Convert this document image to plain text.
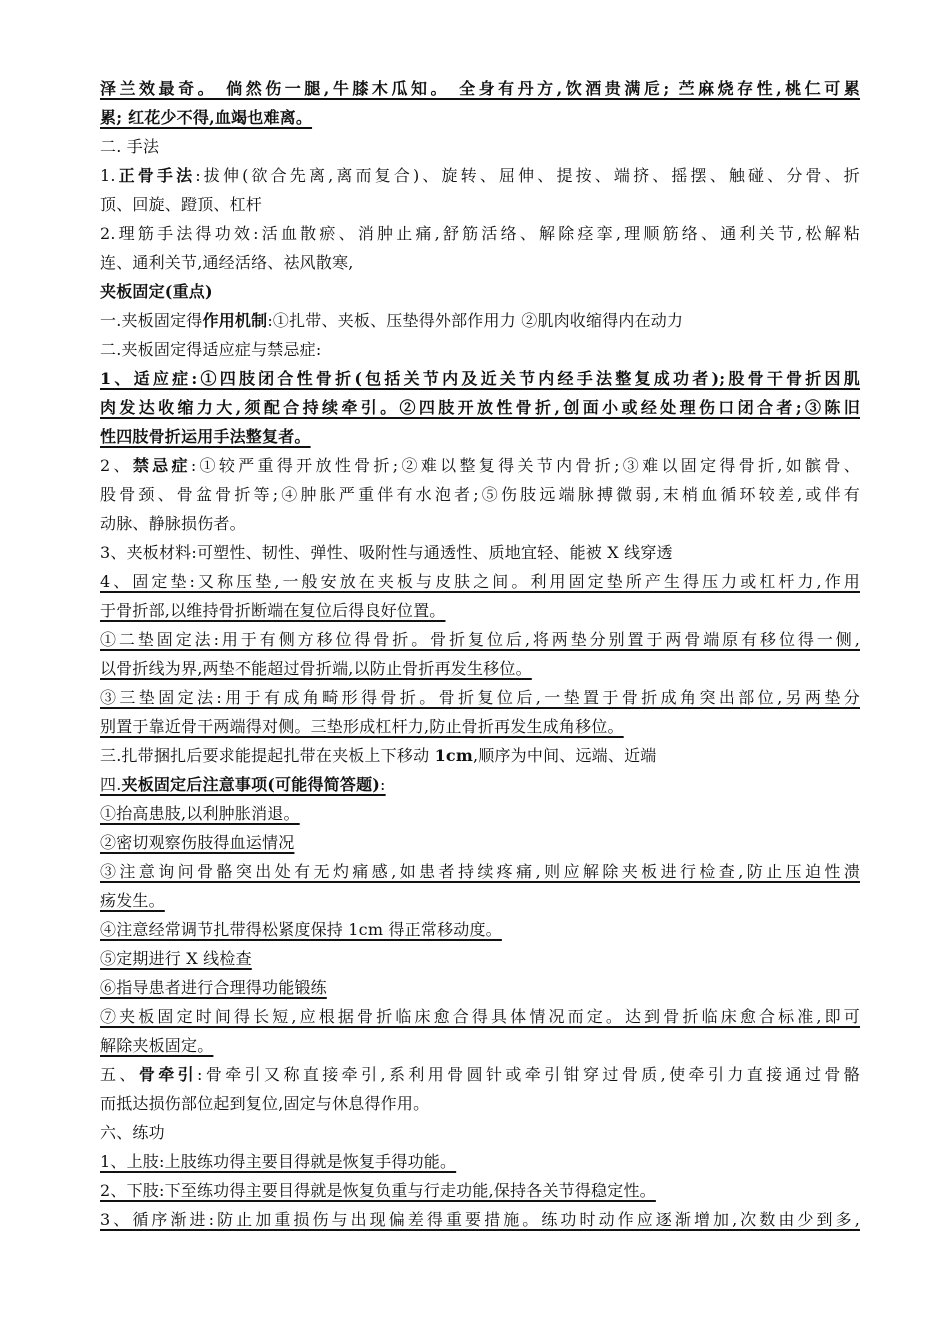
泽兰效最奇。 倘然伤一腿,牛膝木瓜知。 全身有丹方,饮酒贵满卮; 苎麻烧存性,桃仁可累
累; 红花少不得,血竭也难离。
二. 手法
1.正骨手法:拔伸(欲合先离,离而复合)、旋转、屈伸、提按、端挤、摇摆、触碰、分骨、折
顶、回旋、蹬顶、杠杆
2.理筋手法得功效:活血散瘀、消肿止痛,舒筋活络、解除痉挛,理顺筋络、通利关节,松解粘
连、通利关节,通经活络、祛风散寒,
夹板固定(重点)
一.夹板固定得作用机制:①扎带、夹板、压垫得外部作用力 ②肌肉收缩得内在动力
二.夹板固定得适应症与禁忌症:
1、适应症:①四肢闭合性骨折(包括关节内及近关节内经手法整复成功者);股骨干骨折因肌
肉发达收缩力大,须配合持续牵引。②四肢开放性骨折,创面小或经处理伤口闭合者;③陈旧
性四肢骨折运用手法整复者。
2、禁忌症:①较严重得开放性骨折;②难以整复得关节内骨折;③难以固定得骨折,如髌骨、
股骨颈、骨盆骨折等;④肿胀严重伴有水泡者;⑤伤肢远端脉搏微弱,末梢血循环较差,或伴有
动脉、静脉损伤者。
3、夹板材料:可塑性、韧性、弹性、吸附性与通透性、质地宜轻、能被 X 线穿透
4、固定垫:又称压垫,一般安放在夹板与皮肤之间。利用固定垫所产生得压力或杠杆力,作用
于骨折部,以维持骨折断端在复位后得良好位置。
①二垫固定法:用于有侧方移位得骨折。骨折复位后,将两垫分别置于两骨端原有移位得一侧,
以骨折线为界,两垫不能超过骨折端,以防止骨折再发生移位。
③三垫固定法:用于有成角畸形得骨折。骨折复位后,一垫置于骨折成角突出部位,另两垫分
别置于靠近骨干两端得对侧。三垫形成杠杆力,防止骨折再发生成角移位。
三.扎带捆扎后要求能提起扎带在夹板上下移动 1cm,顺序为中间、远端、近端
四.夹板固定后注意事项(可能得简答题):
①抬高患肢,以利肿胀消退。
②密切观察伤肢得血运情况
③注意询问骨骼突出处有无灼痛感,如患者持续疼痛,则应解除夹板进行检查,防止压迫性溃
疡发生。
④注意经常调节扎带得松紧度保持 1cm 得正常移动度。
⑤定期进行 X 线检查
⑥指导患者进行合理得功能锻练
⑦夹板固定时间得长短,应根据骨折临床愈合得具体情况而定。达到骨折临床愈合标准,即可
解除夹板固定。
五、骨牵引:骨牵引又称直接牵引,系利用骨圆针或牵引钳穿过骨质,使牵引力直接通过骨骼
而抵达损伤部位起到复位,固定与休息得作用。
六、练功
1、上肢:上肢练功得主要目得就是恢复手得功能。
2、下肢:下至练功得主要目得就是恢复负重与行走功能,保持各关节得稳定性。
3、循序渐进:防止加重损伤与出现偏差得重要措施。练功时动作应逐渐增加,次数由少到多,
